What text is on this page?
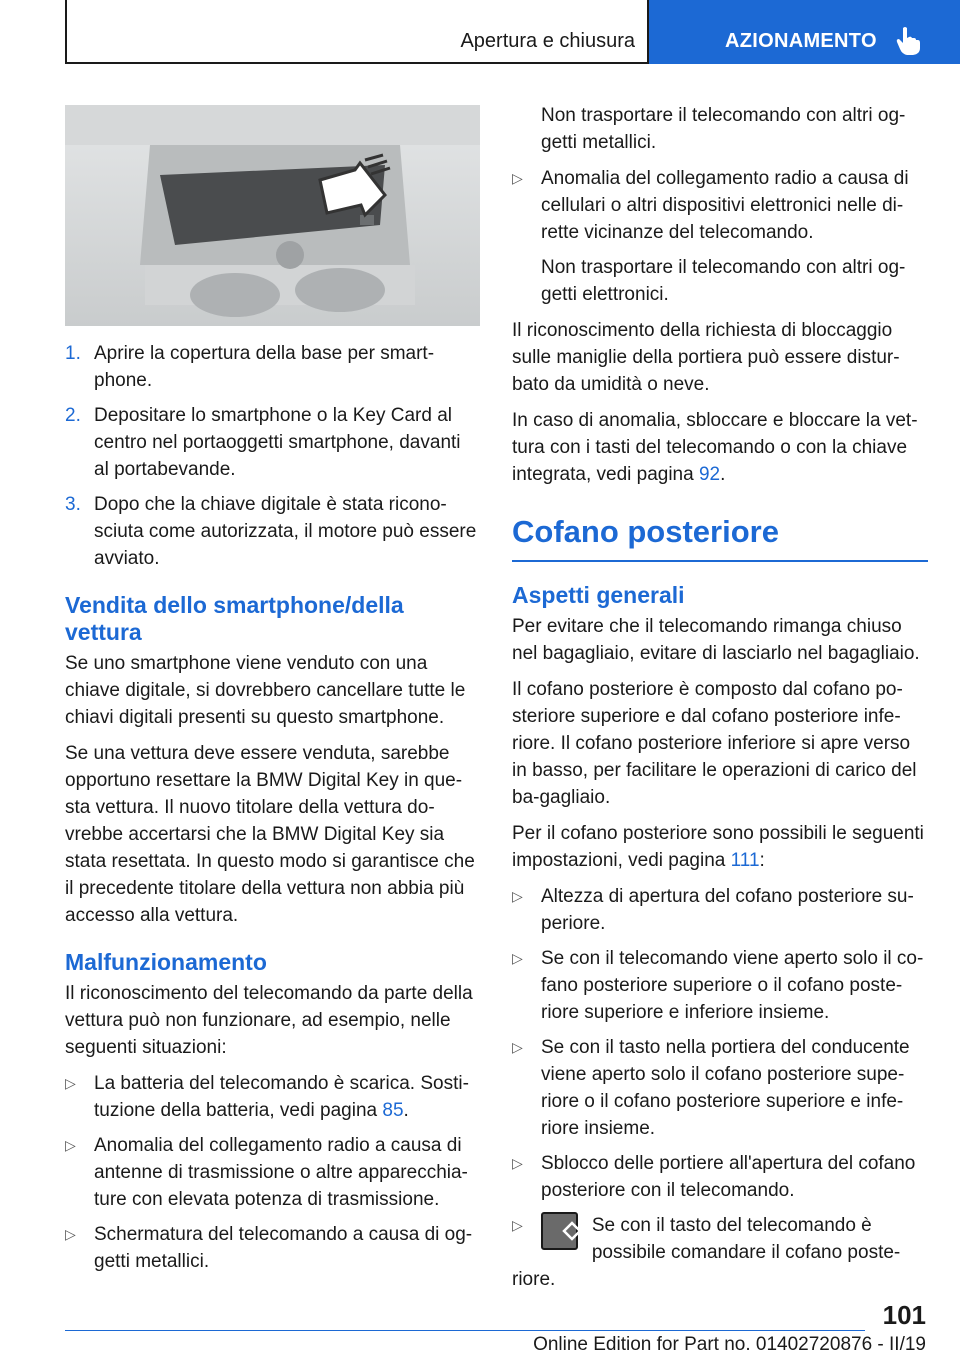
Apertura e chiusura	AZIONAMENTO
1. Aprire la copertura della base per smart-phone.
2. Depositare lo smartphone o la Key Card al centro nel portaoggetti smartphone, davanti al portabevande.
3. Dopo che la chiave digitale è stata ricono-sciuta come autorizzata, il motore può essere avviato.
Vendita dello smartphone/della vettura

Se uno smartphone viene venduto con una chiave digitale, si dovrebbero cancellare tutte le chiavi digitali presenti su questo smartphone.

Se una vettura deve essere venduta, sarebbe opportuno resettare la BMW Digital Key in que-sta vettura. Il nuovo titolare della vettura do-vrebbe accertarsi che la BMW Digital Key sia stata resettata. In questo modo si garantisce che il precedente titolare della vettura non abbia più accesso alla vettura.

Malfunzionamento

Il riconoscimento del telecomando da parte della vettura può non funzionare, ad esempio, nelle seguenti situazioni:

▷ La batteria del telecomando è scarica. Sosti-tuzione della batteria, vedi pagina 85.
▷ Anomalia del collegamento radio a causa di antenne di trasmissione o altre apparecchia-ture con elevata potenza di trasmissione.
▷ Schermatura del telecomando a causa di og-getti metallici.

Non trasportare il telecomando con altri og-getti metallici.

▷ Anomalia del collegamento radio a causa di cellulari o altri dispositivi elettronici nelle di-rette vicinanze del telecomando.

Non trasportare il telecomando con altri og-getti elettronici.

Il riconoscimento della richiesta di bloccaggio sulle maniglie della portiera può essere distur-bato da umidità o neve.

In caso di anomalia, sbloccare e bloccare la vet-tura con i tasti del telecomando o con la chiave integrata, vedi pagina 92.

Cofano posteriore
Aspetti generali

Per evitare che il telecomando rimanga chiuso nel bagagliaio, evitare di lasciarlo nel bagagliaio.

Il cofano posteriore è composto dal cofano po-steriore superiore e dal cofano posteriore infe-riore. Il cofano posteriore inferiore si apre verso in basso, per facilitare le operazioni di carico del ba-gagliaio.

Per il cofano posteriore sono possibili le seguenti impostazioni, vedi pagina 111:

▷ Altezza di apertura del cofano posteriore su-periore.
▷ Se con il telecomando viene aperto solo il co-fano posteriore superiore o il cofano poste-riore superiore e inferiore insieme.
▷ Se con il tasto nella portiera del conducente viene aperto solo il cofano posteriore supe-riore o il cofano posteriore superiore e infe-riore insieme.
▷ Sblocco delle portiere all'apertura del cofano posteriore con il telecomando.
▷	Se con il tasto del telecomando è possibile comandare il cofano poste-
riore.
101
Online Edition for Part no. 01402720876 - II/19
